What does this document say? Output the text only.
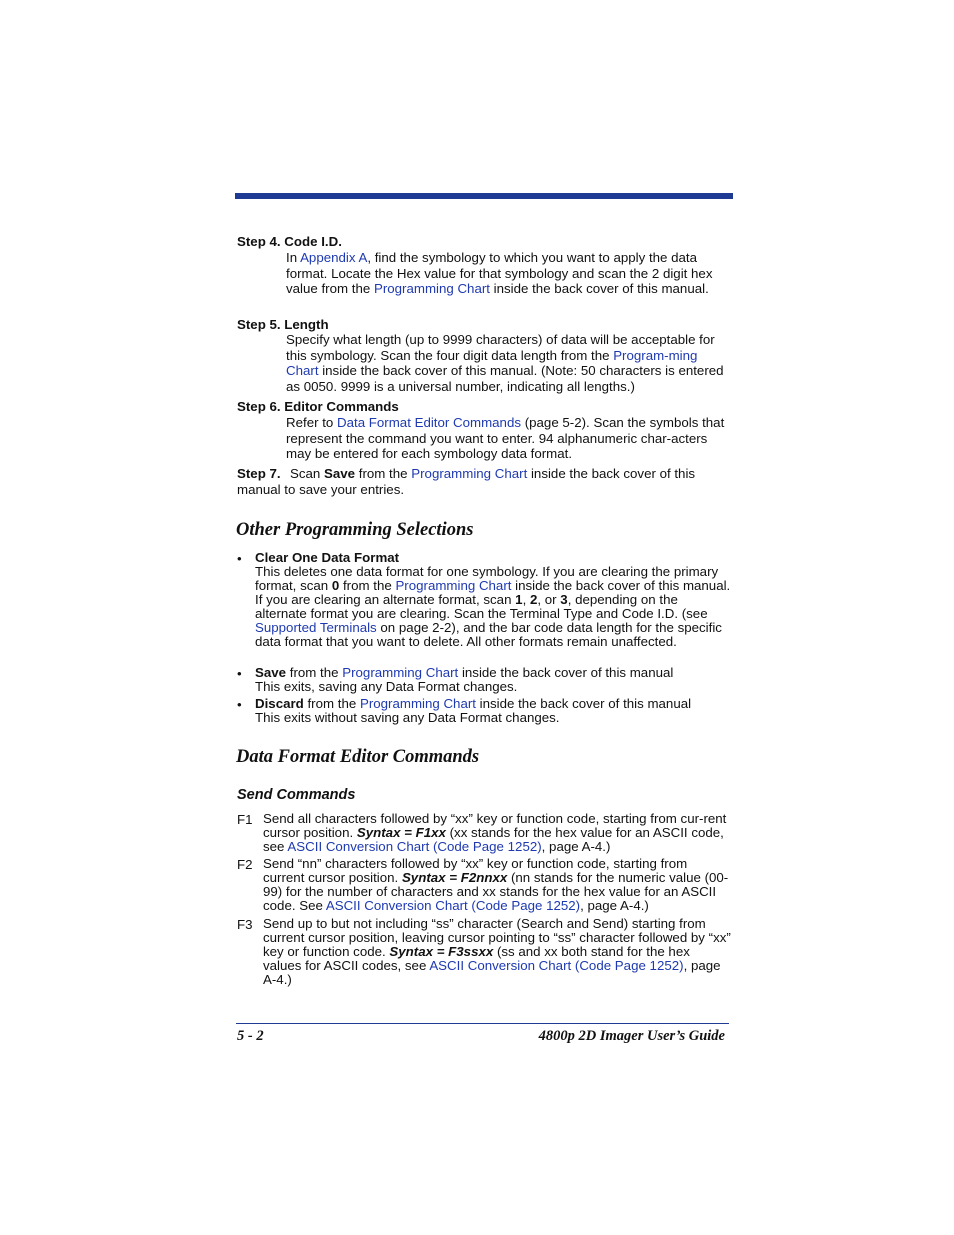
Step 4. Code I.D.
In Appendix A, find the symbology to which you want to apply the data format. Locate the Hex value for that symbology and scan the 2 digit hex value from the Programming Chart inside the back cover of this manual.
Step 5. Length
Specify what length (up to 9999 characters) of data will be acceptable for this symbology. Scan the four digit data length from the Program-ming Chart inside the back cover of this manual. (Note: 50 characters is entered as 0050. 9999 is a universal number, indicating all lengths.)
Step 6. Editor Commands
Refer to Data Format Editor Commands (page 5-2). Scan the symbols that represent the command you want to enter. 94 alphanumeric char-acters may be entered for each symbology data format.
Step 7. Scan Save from the Programming Chart inside the back cover of this manual to save your entries.
Other Programming Selections
• Clear One Data Format
This deletes one data format for one symbology. If you are clearing the primary format, scan 0 from the Programming Chart inside the back cover of this manual. If you are clearing an alternate format, scan 1, 2, or 3, depending on the alternate format you are clearing. Scan the Terminal Type and Code I.D. (see Supported Terminals on page 2-2), and the bar code data length for the specific data format that you want to delete. All other formats remain unaffected.
• Save from the Programming Chart inside the back cover of this manual
This exits, saving any Data Format changes.
• Discard from the Programming Chart inside the back cover of this manual
This exits without saving any Data Format changes.
Data Format Editor Commands
Send Commands
F1 Send all characters followed by “xx” key or function code, starting from cur-rent cursor position. Syntax = F1xx (xx stands for the hex value for an ASCII code, see ASCII Conversion Chart (Code Page 1252), page A-4.)
F2 Send “nn” characters followed by “xx” key or function code, starting from current cursor position. Syntax = F2nnxx (nn stands for the numeric value (00-99) for the number of characters and xx stands for the hex value for an ASCII code. See ASCII Conversion Chart (Code Page 1252), page A-4.)
F3 Send up to but not including “ss” character (Search and Send) starting from current cursor position, leaving cursor pointing to “ss” character followed by “xx” key or function code. Syntax = F3ssxx (ss and xx both stand for the hex values for ASCII codes, see ASCII Conversion Chart (Code Page 1252), page A-4.)
5 - 2	4800p 2D Imager User’s Guide
